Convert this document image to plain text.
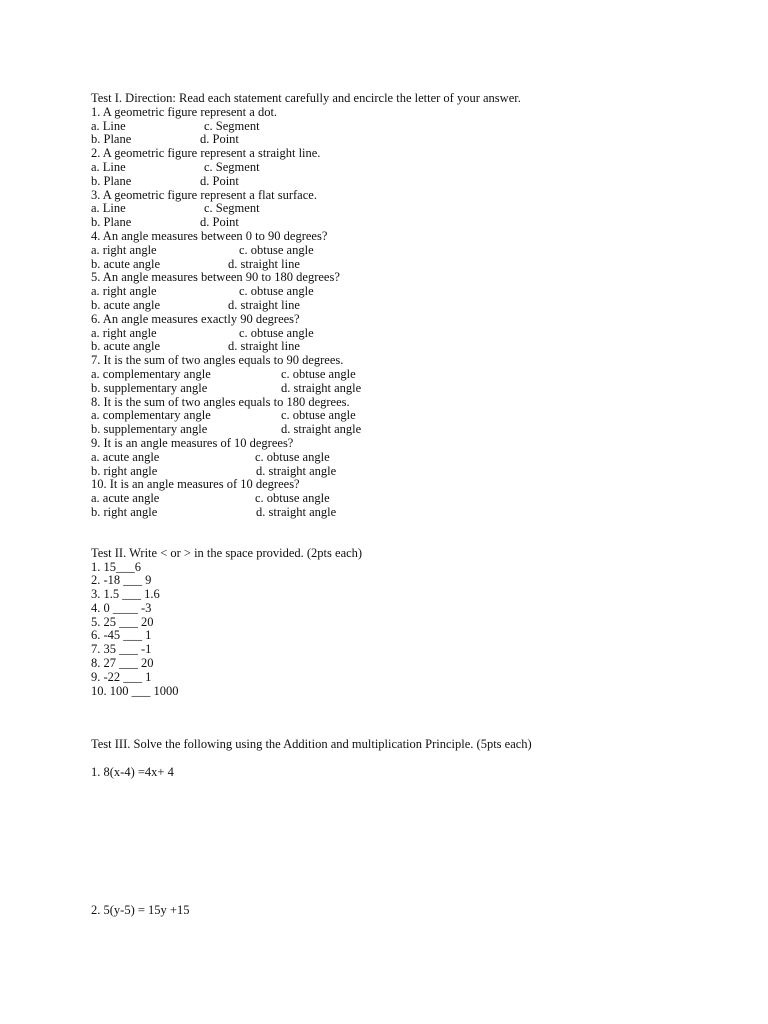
Test I. Direction: Read each statement carefully and encircle the letter of your answer.
1. A geometric figure represent a dot.
a. Line	c. Segment
b. Plane	d. Point
2. A geometric figure represent a straight line.
a. Line	c. Segment
b. Plane	d. Point
3. A geometric figure represent a flat surface.
a. Line	c. Segment
b. Plane	d. Point
4. An angle measures between 0 to 90 degrees?
a. right angle	c. obtuse angle
b. acute angle	d. straight line
5. An angle measures between 90 to 180 degrees?
a. right angle	c. obtuse angle
b. acute angle	d. straight line
6. An angle measures exactly 90 degrees?
a. right angle	c. obtuse angle
b. acute angle	d. straight line
7. It is the sum of two angles equals to 90 degrees.
a. complementary angle	c. obtuse angle
b. supplementary angle	d. straight angle
8. It is the sum of two angles equals to 180 degrees.
a. complementary angle	c. obtuse angle
b. supplementary angle	d. straight angle
9. It is an angle measures of 10 degrees?
a. acute angle	c. obtuse angle
b. right angle	d. straight angle
10. It is an angle measures of 10 degrees?
a. acute angle	c. obtuse angle
b. right angle	d. straight angle
Test II. Write < or > in the space provided. (2pts each)
1. 15___6
2. -18 ___ 9
3. 1.5 ___ 1.6
4. 0 ____ -3
5. 25 ___ 20
6. -45 ___ 1
7. 35 ___ -1
8. 27 ___ 20
9. -22 ___ 1
10. 100 ___ 1000
Test III. Solve the following using the Addition and multiplication Principle. (5pts each)
1. 8(x-4) =4x+ 4
2. 5(y-5) = 15y +15
